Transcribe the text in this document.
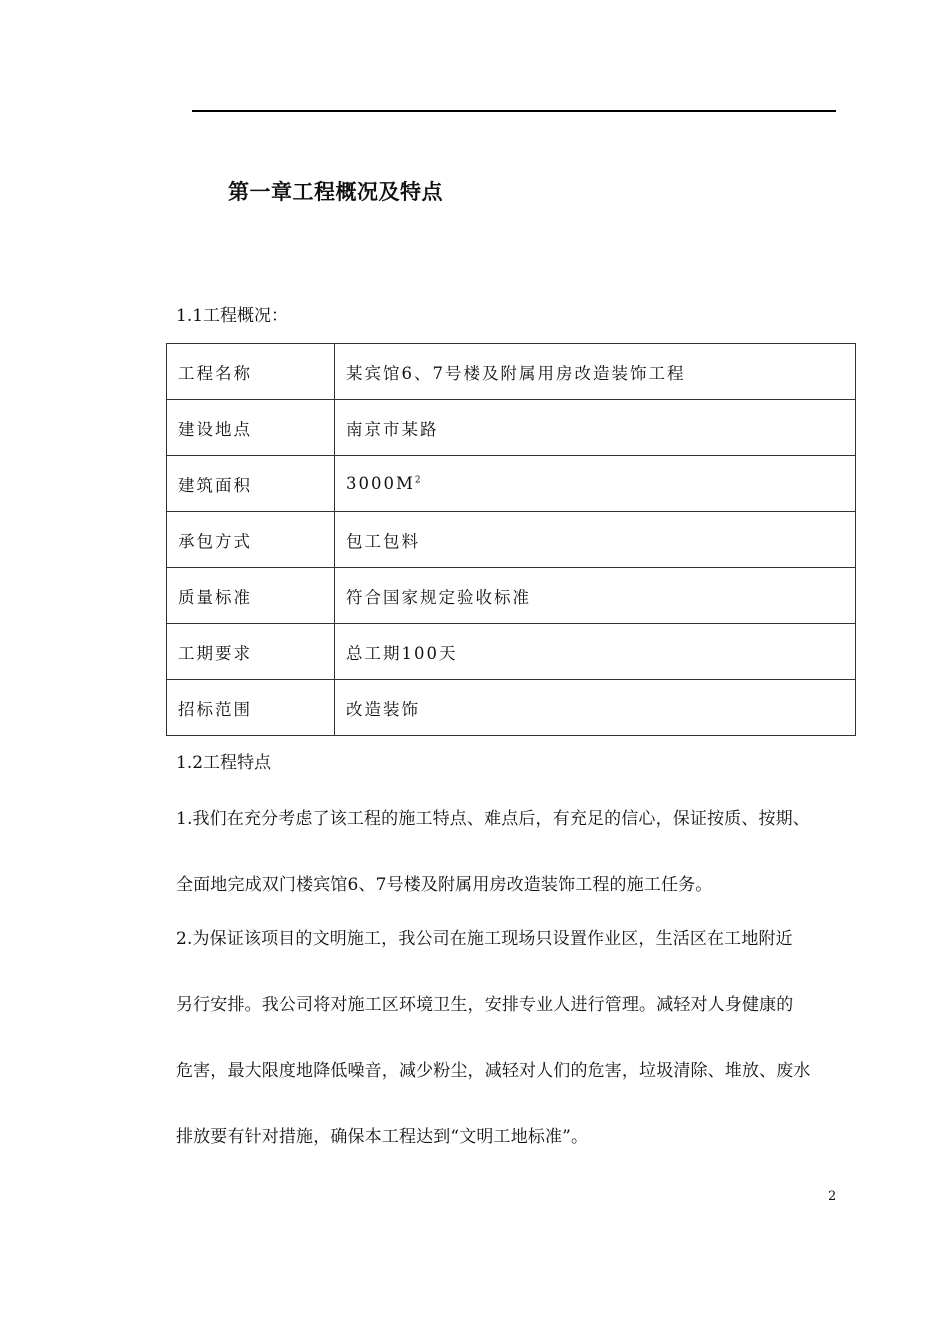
第一章工程概况及特点
1.1工程概况：
工程名称	某宾馆6、7号楼及附属用房改造装饰工程
建设地点	南京市某路
建筑面积	$3000M^2$
承包方式	包工包料
质量标准	符合国家规定验收标准
工期要求	总工期100天
招标范围	改造装饰
1.2工程特点
1.我们在充分考虑了该工程的施工特点、难点后，有充足的信心，保证按质、按期、
全面地完成双门楼宾馆6、7号楼及附属用房改造装饰工程的施工任务。
2.为保证该项目的文明施工，我公司在施工现场只设置作业区，生活区在工地附近
另行安排。我公司将对施工区环境卫生，安排专业人进行管理。减轻对人身健康的
危害，最大限度地降低噪音，减少粉尘，减轻对人们的危害，垃圾清除、堆放、废水
排放要有针对措施，确保本工程达到“文明工地标准”。
2
